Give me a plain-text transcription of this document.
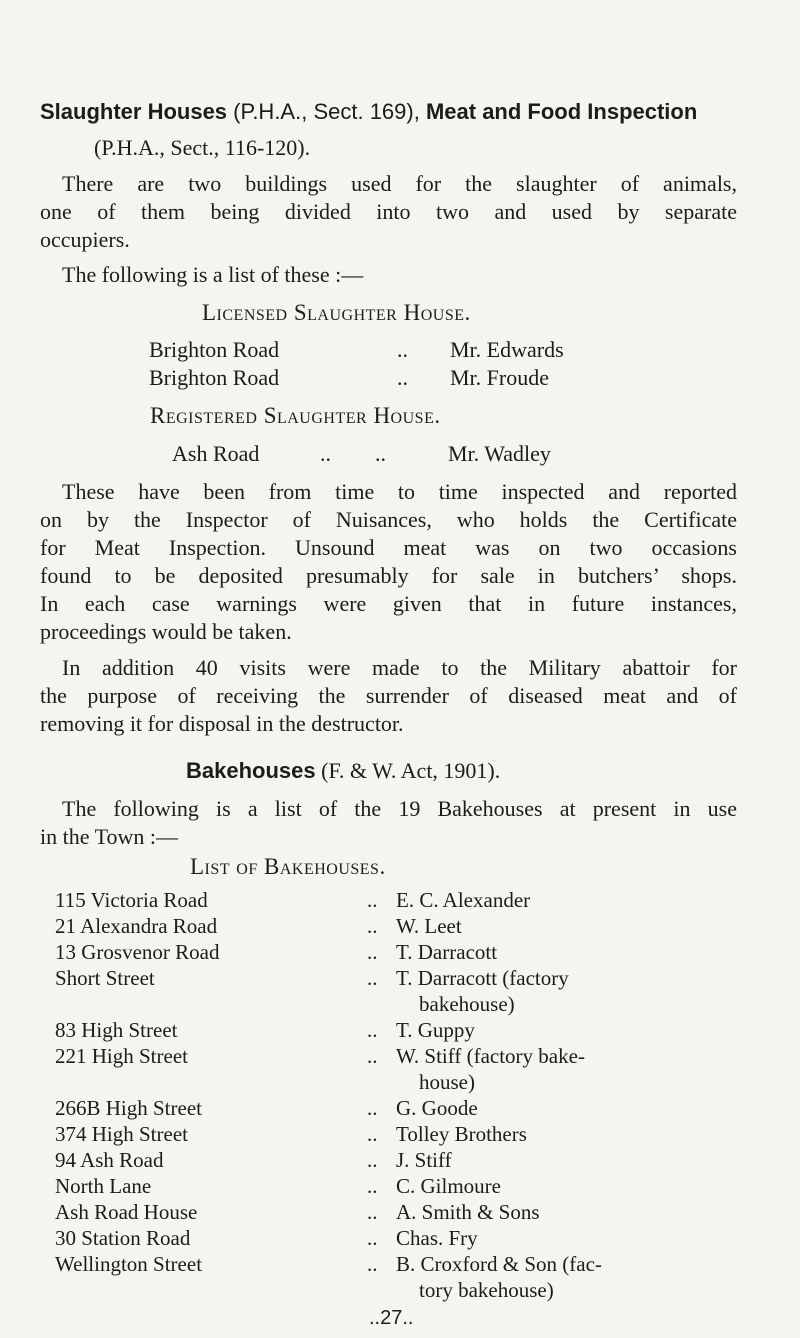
Slaughter Houses (P.H.A., Sect. 169), Meat and Food Inspection
(P.H.A., Sect., 116-120).
There are two buildings used for the slaughter of animals,
one of them being divided into two and used by separate
occupiers.
The following is a list of these :—
Licensed Slaughter House.
Brighton Road	.. Mr. Edwards
Brighton Road	.. Mr. Froude
Registered Slaughter House.
Ash Road	..        ..	Mr. Wadley
These have been from time to time inspected and reported
on by the Inspector of Nuisances, who holds the Certificate
for Meat Inspection. Unsound meat was on two occasions
found to be deposited presumably for sale in butchers’ shops.
In each case warnings were given that in future instances,
proceedings would be taken.
In addition 40 visits were made to the Military abattoir for
the purpose of receiving the surrender of diseased meat and of
removing it for disposal in the destructor.
Bakehouses (F. & W. Act, 1901).
The following is a list of the 19 Bakehouses at present in use
in the Town :—
List of Bakehouses.
115 Victoria Road	.. E. C. Alexander
21 Alexandra Road	.. W. Leet
13 Grosvenor Road	.. T. Darracott
Short Street	.. T. Darracott (factory
bakehouse)
83 High Street	.. T. Guppy
221 High Street	.. W. Stiff (factory bake-
house)
266B High Street	.. G. Goode
374 High Street	.. Tolley Brothers
94 Ash Road	.. J. Stiff
North Lane	.. C. Gilmoure
Ash Road House	.. A. Smith & Sons
30 Station Road	.. Chas. Fry
Wellington Street	.. B. Croxford & Son (fac-
tory bakehouse)
..27..
